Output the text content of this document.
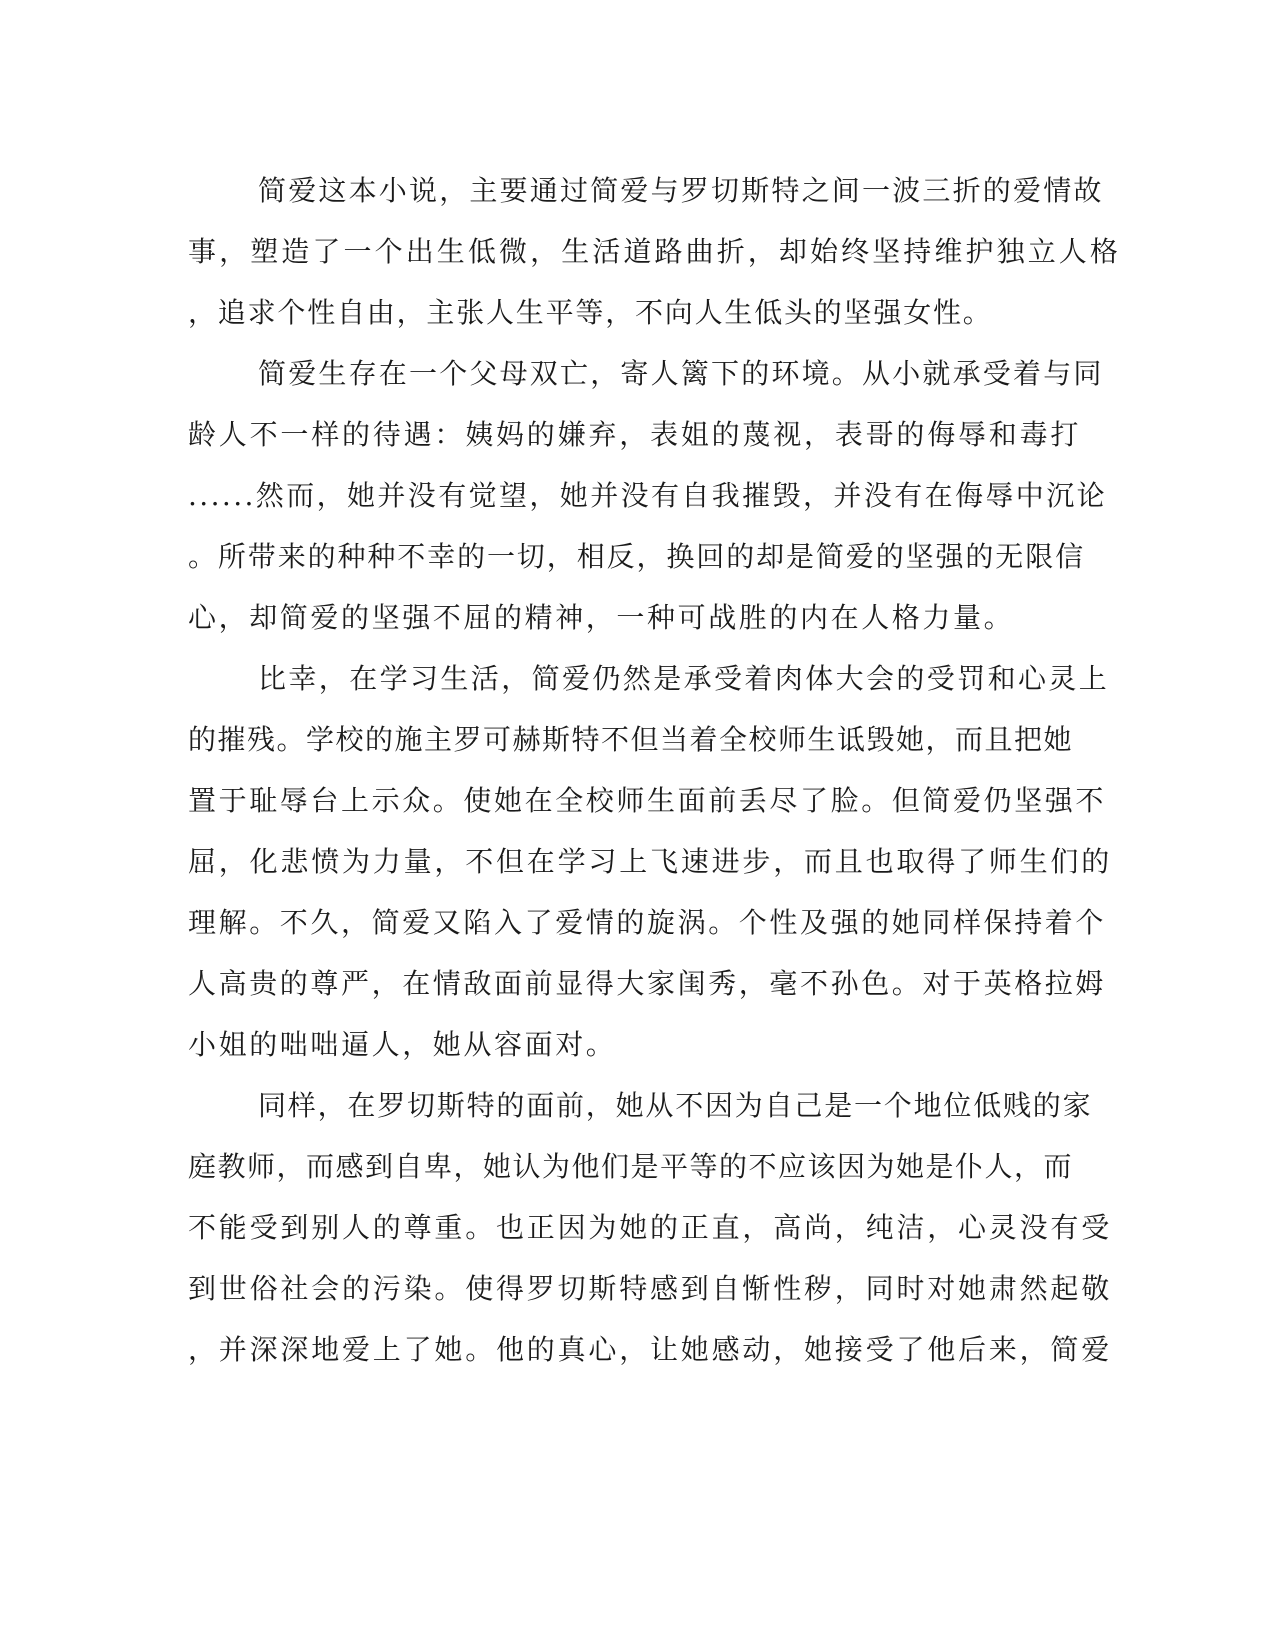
简爱这本小说，主要通过简爱与罗切斯特之间一波三折的爱情故
事，塑造了一个出生低微，生活道路曲折，却始终坚持维护独立人格
，追求个性自由，主张人生平等，不向人生低头的坚强女性。
简爱生存在一个父母双亡，寄人篱下的环境。从小就承受着与同
龄人不一样的待遇：姨妈的嫌弃，表姐的蔑视，表哥的侮辱和毒打
......然而，她并没有觉望，她并没有自我摧毁，并没有在侮辱中沉论
。所带来的种种不幸的一切，相反，换回的却是简爱的坚强的无限信
心，却简爱的坚强不屈的精神，一种可战胜的内在人格力量。
比幸，在学习生活，简爱仍然是承受着肉体大会的受罚和心灵上
的摧残。学校的施主罗可赫斯特不但当着全校师生诋毁她，而且把她
置于耻辱台上示众。使她在全校师生面前丢尽了脸。但简爱仍坚强不
屈，化悲愤为力量，不但在学习上飞速进步，而且也取得了师生们的
理解。不久，简爱又陷入了爱情的旋涡。个性及强的她同样保持着个
人高贵的尊严，在情敌面前显得大家闺秀，毫不孙色。对于英格拉姆
小姐的咄咄逼人，她从容面对。
同样，在罗切斯特的面前，她从不因为自己是一个地位低贱的家
庭教师，而感到自卑，她认为他们是平等的不应该因为她是仆人，而
不能受到别人的尊重。也正因为她的正直，高尚，纯洁，心灵没有受
到世俗社会的污染。使得罗切斯特感到自惭性秽，同时对她肃然起敬
，并深深地爱上了她。他的真心，让她感动，她接受了他后来，简爱
